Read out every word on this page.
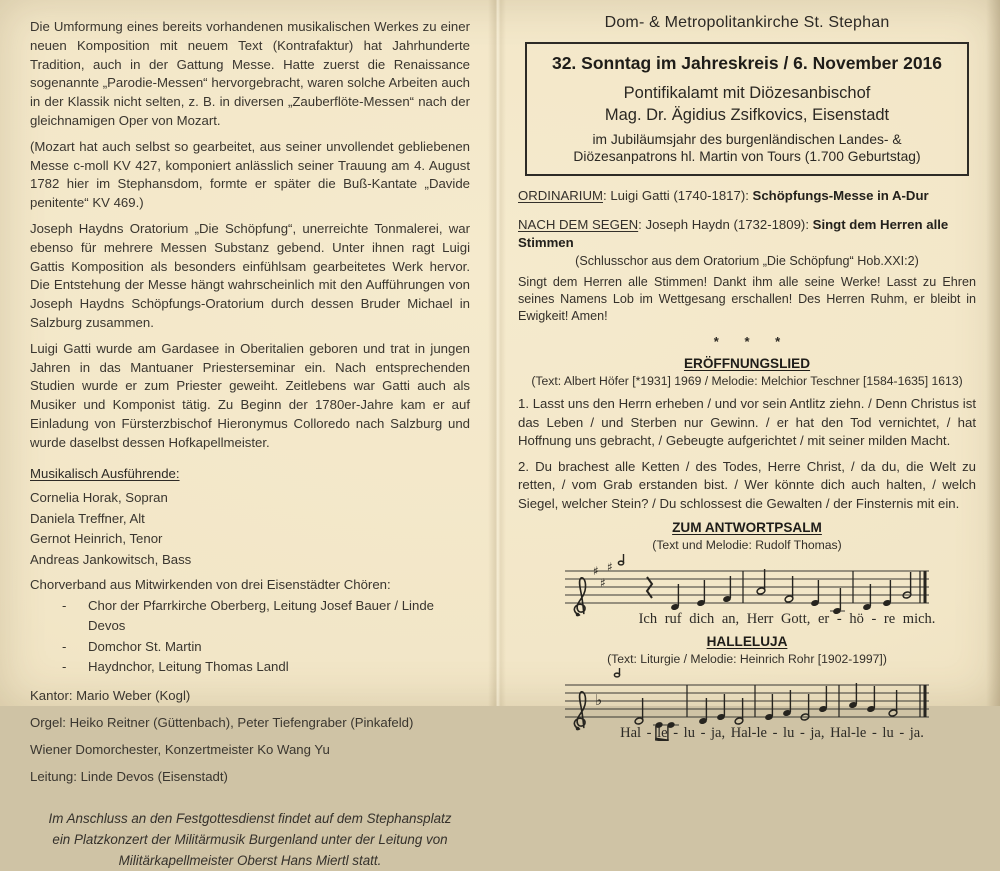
Die Umformung eines bereits vorhandenen musikalischen Werkes zu einer neuen Komposition mit neuem Text (Kontrafaktur) hat Jahrhunderte Tradition, auch in der Gattung Messe. Hatte zuerst die Renaissance sogenannte „Parodie-Messen“ hervorgebracht, waren solche Arbeiten auch in der Klassik nicht selten, z. B. in diversen „Zauberflöte-Messen“ nach der gleichnamigen Oper von Mozart.
(Mozart hat auch selbst so gearbeitet, aus seiner unvollendet gebliebenen Messe c-moll KV 427, komponiert anlässlich seiner Trauung am 4. August 1782 hier im Stephansdom, formte er später die Buß-Kantate „Davide penitente“ KV 469.)
Joseph Haydns Oratorium „Die Schöpfung“, unerreichte Tonmalerei, war ebenso für mehrere Messen Substanz gebend. Unter ihnen ragt Luigi Gattis Komposition als besonders einfühlsam gearbeitetes Werk hervor. Die Entstehung der Messe hängt wahrscheinlich mit den Aufführungen von Joseph Haydns Schöpfungs-Oratorium durch dessen Bruder Michael in Salzburg zusammen.
Luigi Gatti wurde am Gardasee in Oberitalien geboren und trat in jungen Jahren in das Mantuaner Priesterseminar ein. Nach entsprechenden Studien wurde er zum Priester geweiht. Zeitlebens war Gatti auch als Musiker und Komponist tätig. Zu Beginn der 1780er-Jahre kam er auf Einladung von Fürsterzbischof Hieronymus Colloredo nach Salzburg und wurde daselbst dessen Hofkapellmeister.
Musikalisch Ausführende:
Cornelia Horak, Sopran
Daniela Treffner, Alt
Gernot Heinrich, Tenor
Andreas Jankowitsch, Bass
Chorverband aus Mitwirkenden von drei Eisenstädter Chören:
-	Chor der Pfarrkirche Oberberg, Leitung Josef Bauer / Linde Devos
-	Domchor St. Martin
-	Haydnchor, Leitung Thomas Landl
Kantor: Mario Weber (Kogl)
Orgel: Heiko Reitner (Güttenbach), Peter Tiefengraber (Pinkafeld)
Wiener Domorchester, Konzertmeister Ko Wang Yu
Leitung: Linde Devos (Eisenstadt)
Im Anschluss an den Festgottesdienst findet auf dem Stephansplatz ein Platzkonzert der Militärmusik Burgenland unter der Leitung von Militärkapellmeister Oberst Hans Miertl statt.
Dom- & Metropolitankirche St. Stephan
32. Sonntag im Jahreskreis / 6. November 2016
Pontifikalamt mit Diözesanbischof
Mag. Dr. Ägidius Zsifkovics, Eisenstadt
im Jubiläumsjahr des burgenländischen Landes- &
Diözesanpatrons hl. Martin von Tours (1.700 Geburtstag)
ORDINARIUM: Luigi Gatti (1740-1817): Schöpfungs-Messe in A-Dur
NACH DEM SEGEN: Joseph Haydn (1732-1809): Singt dem Herren alle Stimmen
(Schlusschor aus dem Oratorium „Die Schöpfung“ Hob.XXI:2)
Singt dem Herren alle Stimmen! Dankt ihm alle seine Werke! Lasst zu Ehren seines Namens Lob im Wettgesang erschallen! Des Herren Ruhm, er bleibt in Ewigkeit! Amen!
* * *
ERÖFFNUNGSLIED
(Text: Albert Höfer [*1931] 1969 / Melodie: Melchior Teschner [1584-1635] 1613)
1. Lasst uns den Herrn erheben / und vor sein Antlitz ziehn. / Denn Christus ist das Leben / und Sterben nur Gewinn. / er hat den Tod vernichtet, / hat Hoffnung uns gebracht, / Gebeugte aufgerichtet / mit seiner milden Macht.
2. Du brachest alle Ketten / des Todes, Herre Christ, / da du, die Welt zu retten, / vom Grab erstanden bist. / Wer könnte dich auch halten, / welch Siegel, welcher Stein? / Du schlossest die Gewalten / der Finsternis mit ein.
ZUM ANTWORTPSALM
(Text und Melodie: Rudolf Thomas)
♯
♯
♯
Ich ruf dich an, Herr Gott, er - hö - re mich.
HALLELUJA
(Text: Liturgie / Melodie: Heinrich Rohr [1902-1997])
♭
Hal - le - lu - ja, Hal-le - lu - ja, Hal-le - lu - ja.
